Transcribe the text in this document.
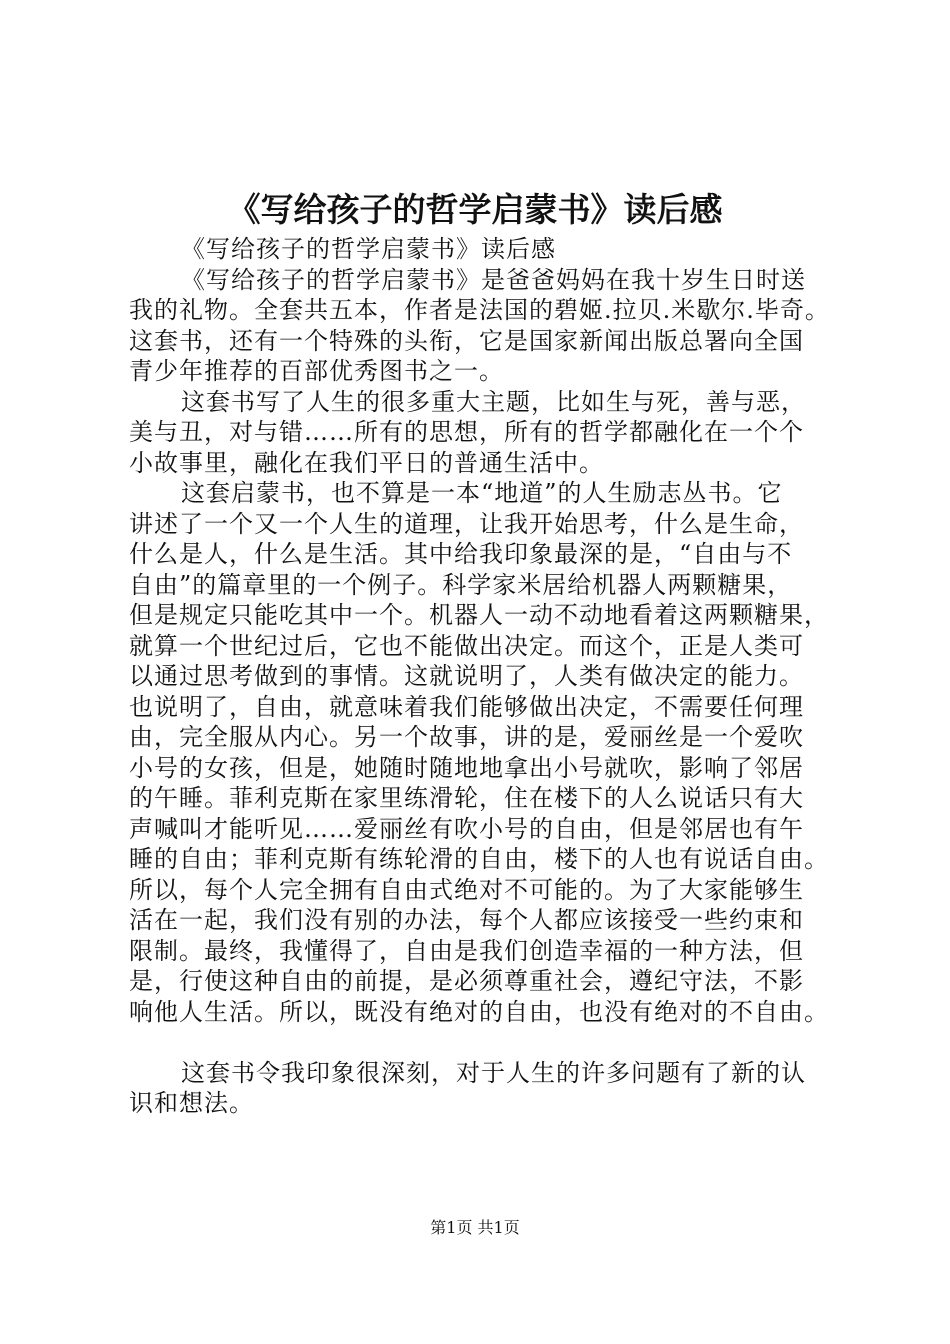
《写给孩子的哲学启蒙书》读后感
《写给孩子的哲学启蒙书》读后感
《写给孩子的哲学启蒙书》是爸爸妈妈在我十岁生日时送
我的礼物。全套共五本，作者是法国的碧姬.拉贝.米歇尔.毕奇。
这套书，还有一个特殊的头衔，它是国家新闻出版总署向全国
青少年推荐的百部优秀图书之一。
这套书写了人生的很多重大主题，比如生与死，善与恶，
美与丑，对与错……所有的思想，所有的哲学都融化在一个个
小故事里，融化在我们平日的普通生活中。
这套启蒙书，也不算是一本“地道”的人生励志丛书。它
讲述了一个又一个人生的道理，让我开始思考，什么是生命，
什么是人，什么是生活。其中给我印象最深的是，“自由与不
自由”的篇章里的一个例子。科学家米居给机器人两颗糖果，
但是规定只能吃其中一个。机器人一动不动地看着这两颗糖果，
就算一个世纪过后，它也不能做出决定。而这个，正是人类可
以通过思考做到的事情。这就说明了，人类有做决定的能力。
也说明了，自由，就意味着我们能够做出决定，不需要任何理
由，完全服从内心。另一个故事，讲的是，爱丽丝是一个爱吹
小号的女孩，但是，她随时随地地拿出小号就吹，影响了邻居
的午睡。菲利克斯在家里练滑轮，住在楼下的人么说话只有大
声喊叫才能听见……爱丽丝有吹小号的自由，但是邻居也有午
睡的自由；菲利克斯有练轮滑的自由，楼下的人也有说话自由。
所以，每个人完全拥有自由式绝对不可能的。为了大家能够生
活在一起，我们没有别的办法，每个人都应该接受一些约束和
限制。最终，我懂得了，自由是我们创造幸福的一种方法，但
是，行使这种自由的前提，是必须尊重社会，遵纪守法，不影
响他人生活。所以，既没有绝对的自由，也没有绝对的不自由。
这套书令我印象很深刻，对于人生的许多问题有了新的认
识和想法。
第1页 共1页
